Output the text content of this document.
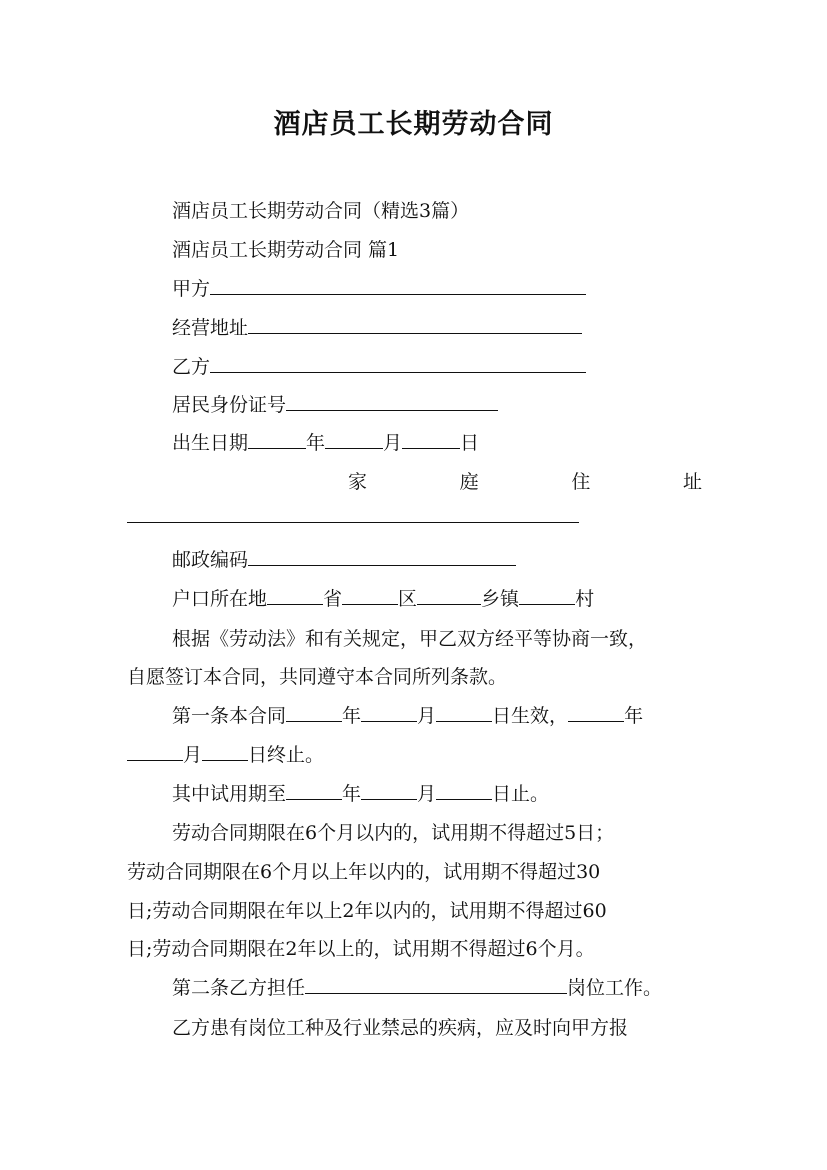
酒店员工长期劳动合同
酒店员工长期劳动合同（精选3篇）
酒店员工长期劳动合同 篇1
甲方
经营地址
乙方
居民身份证号
出生日期	年	月	日
家	庭	住	址
邮政编码
户口所在地	省	区	乡镇	村
根据《劳动法》和有关规定，甲乙双方经平等协商一致，
自愿签订本合同，共同遵守本合同所列条款。
第一条本合同	年	月	日生效，	年
月 日终止。
其中试用期至	年	月	日止。
劳动合同期限在6个月以内的，试用期不得超过5日；
劳动合同期限在6个月以上年以内的，试用期不得超过30
日;劳动合同期限在年以上2年以内的，试用期不得超过60
日;劳动合同期限在2年以上的，试用期不得超过6个月。
第二条乙方担任	岗位工作。
乙方患有岗位工种及行业禁忌的疾病，应及时向甲方报
